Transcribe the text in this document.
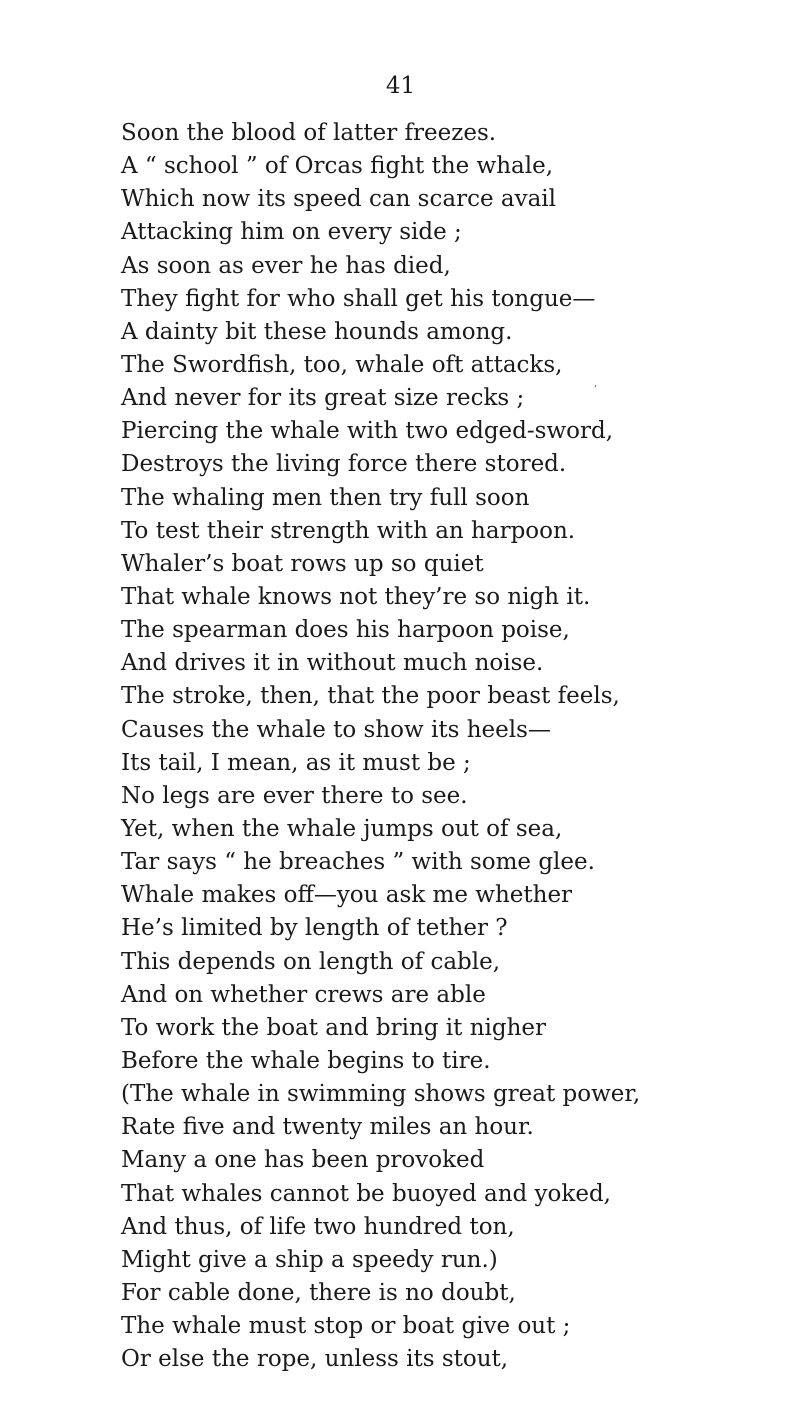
41
Soon the blood of latter freezes.
A “ school ” of Orcas fight the whale,
Which now its speed can scarce avail
Attacking him on every side ;
As soon as ever he has died,
They fight for who shall get his tongue—
A dainty bit these hounds among.
The Swordfish, too, whale oft attacks,
And never for its great size recks ;
Piercing the whale with two edged-sword,
Destroys the living force there stored.
The whaling men then try full soon
To test their strength with an harpoon.
Whaler’s boat rows up so quiet
That whale knows not they’re so nigh it.
The spearman does his harpoon poise,
And drives it in without much noise.
The stroke, then, that the poor beast feels,
Causes the whale to show its heels—
Its tail, I mean, as it must be ;
No legs are ever there to see.
Yet, when the whale jumps out of sea,
Tar says “ he breaches ” with some glee.
Whale makes off—you ask me whether
He’s limited by length of tether ?
This depends on length of cable,
And on whether crews are able
To work the boat and bring it nigher
Before the whale begins to tire.
(The whale in swimming shows great power,
Rate five and twenty miles an hour.
Many a one has been provoked
That whales cannot be buoyed and yoked,
And thus, of life two hundred ton,
Might give a ship a speedy run.)
For cable done, there is no doubt,
The whale must stop or boat give out ;
Or else the rope, unless its stout,
‚
